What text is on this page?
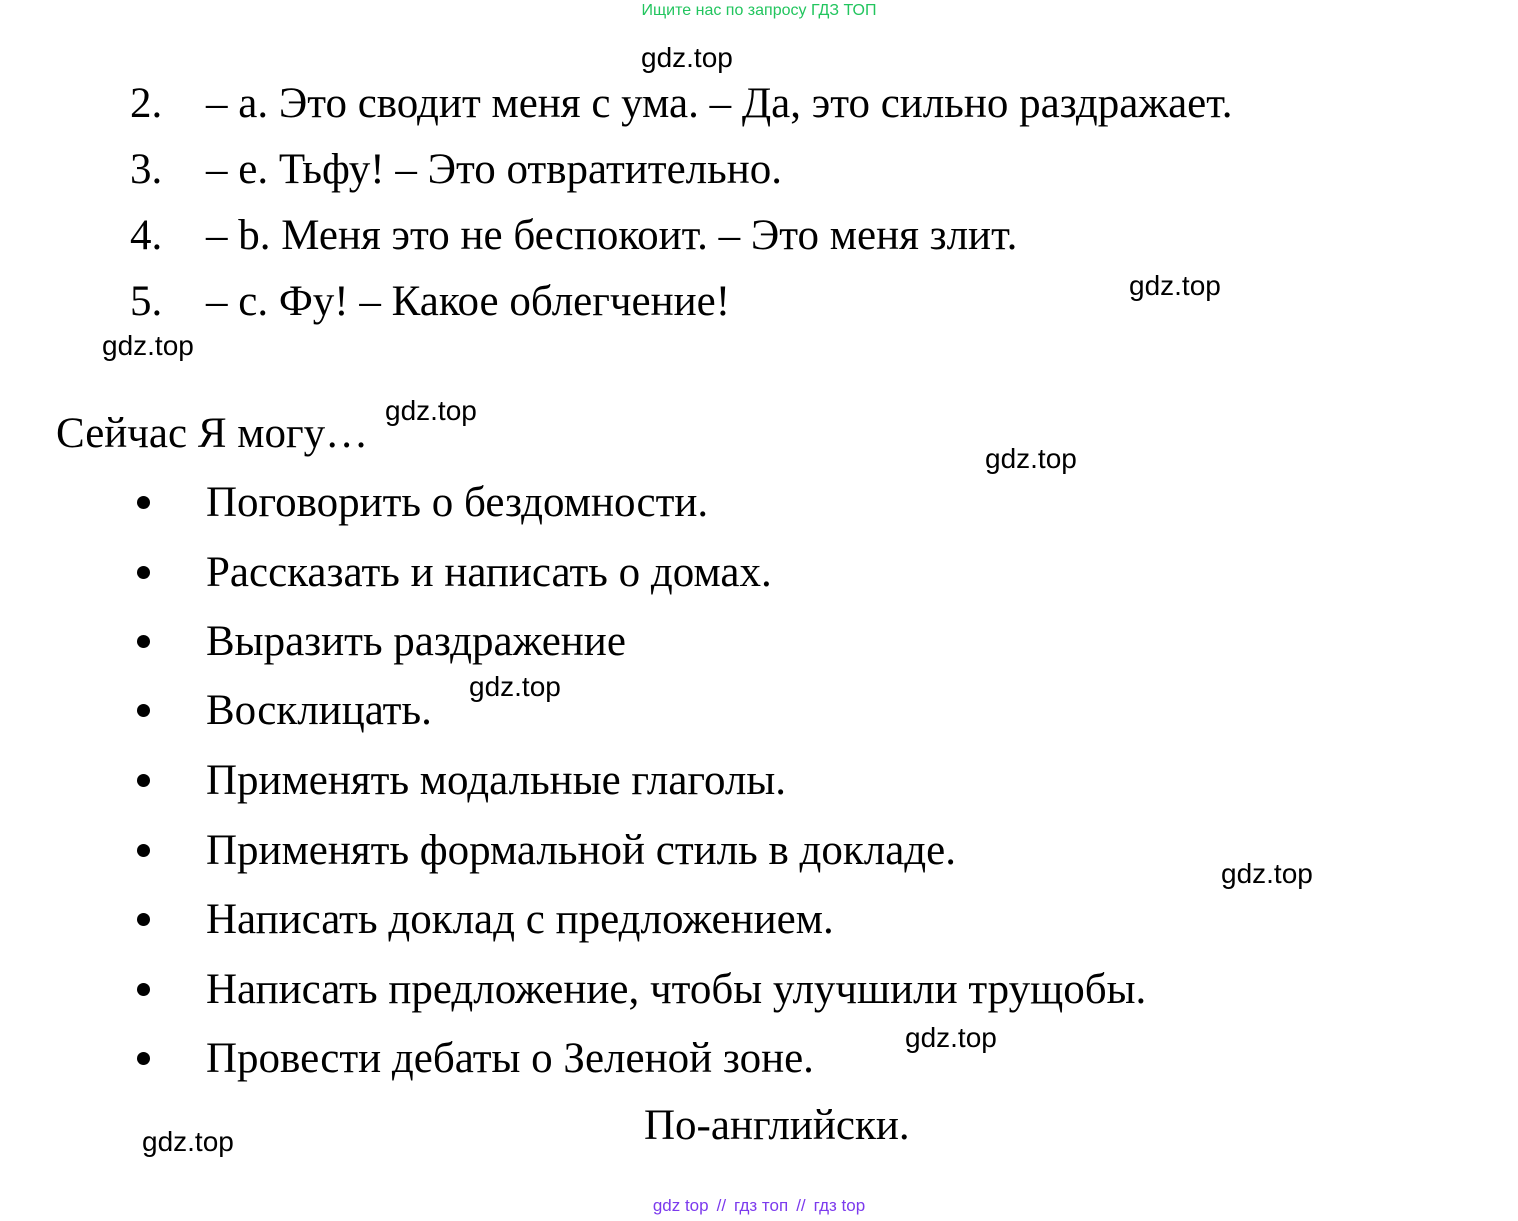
Ищите нас по запросу ГДЗ ТОП
gdz.top
gdz.top
gdz.top
gdz.top
gdz.top
gdz.top
gdz.top
gdz.top
gdz.top
2. – a. Это сводит меня с ума. – Да, это сильно раздражает.
3. – e. Тьфу! – Это отвратительно.
4. – b. Меня это не беспокоит. – Это меня злит.
5. – c. Фу! – Какое облегчение!
Сейчас Я могу…
Поговорить о бездомности.
Рассказать и написать о домах.
Выразить раздражение
Восклицать.
Применять модальные глаголы.
Применять формальной стиль в докладе.
Написать доклад с предложением.
Написать предложение, чтобы улучшили трущобы.
Провести дебаты о Зеленой зоне.
По-английски.
gdz top // гдз топ // гдз top
